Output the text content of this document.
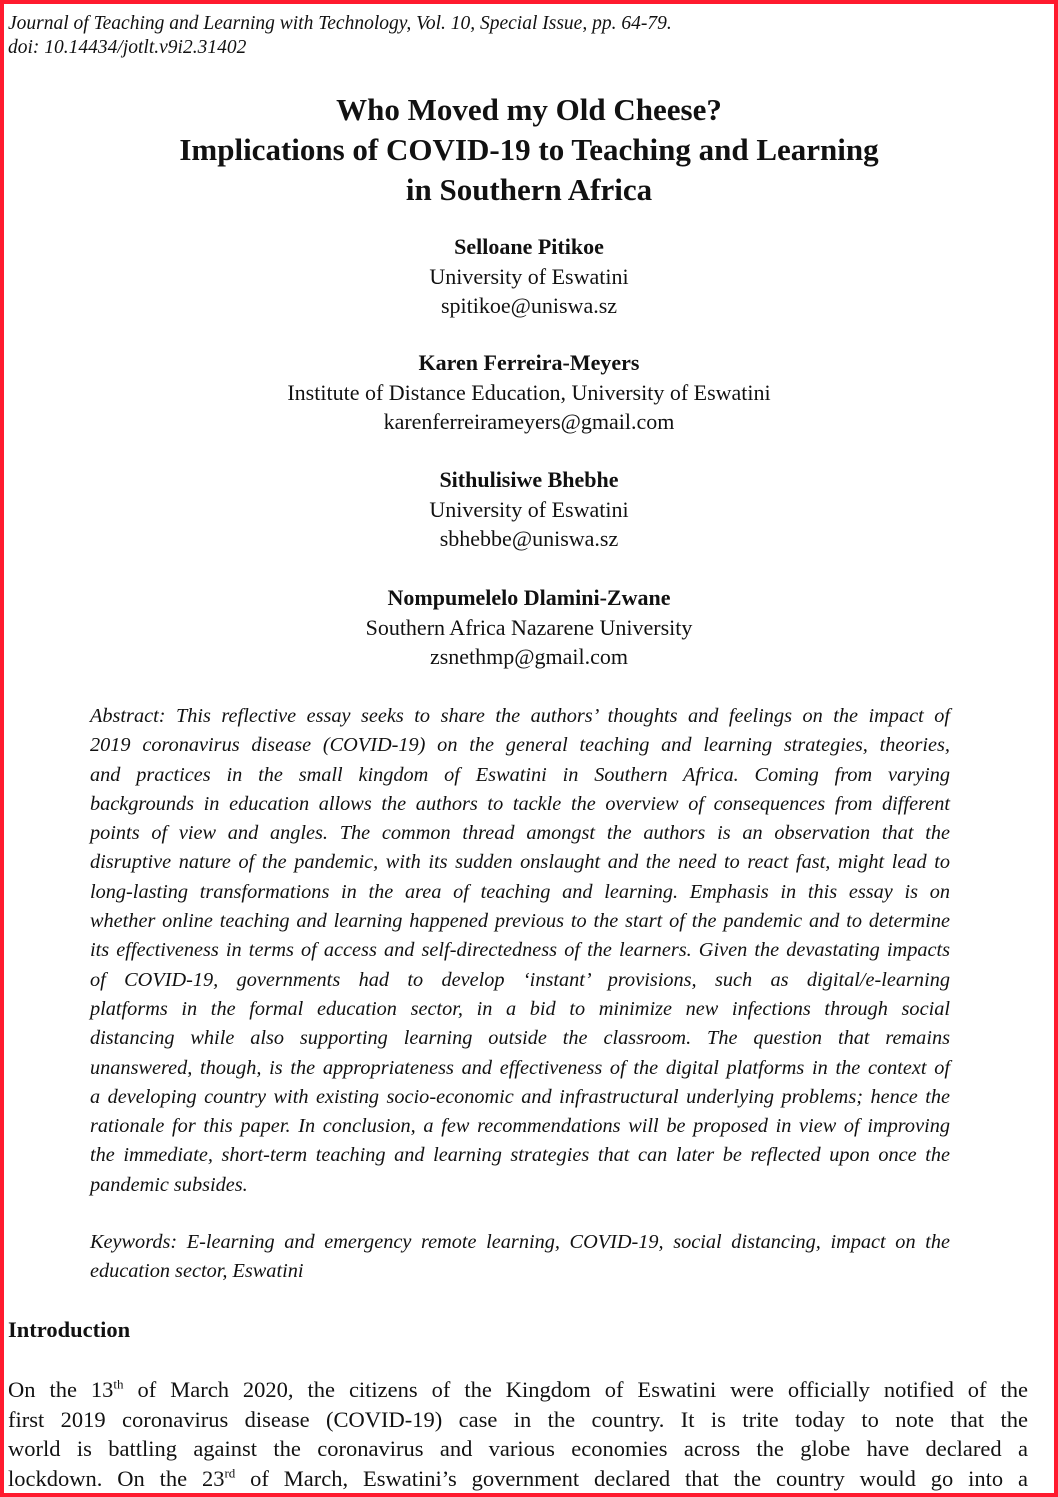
Journal of Teaching and Learning with Technology, Vol. 10, Special Issue, pp. 64-79.
doi: 10.14434/jotlt.v9i2.31402
Who Moved my Old Cheese?
Implications of COVID-19 to Teaching and Learning
in Southern Africa
Selloane Pitikoe
University of Eswatini
spitikoe@uniswa.sz
Karen Ferreira-Meyers
Institute of Distance Education, University of Eswatini
karenferreirameyers@gmail.com
Sithulisiwe Bhebhe
University of Eswatini
sbhebbe@uniswa.sz
Nompumelelo Dlamini-Zwane
Southern Africa Nazarene University
zsnethmp@gmail.com
Abstract: This reflective essay seeks to share the authors’ thoughts and feelings on the impact of
2019 coronavirus disease (COVID-19) on the general teaching and learning strategies, theories,
and practices in the small kingdom of Eswatini in Southern Africa. Coming from varying
backgrounds in education allows the authors to tackle the overview of consequences from different
points of view and angles. The common thread amongst the authors is an observation that the
disruptive nature of the pandemic, with its sudden onslaught and the need to react fast, might lead to
long-lasting transformations in the area of teaching and learning. Emphasis in this essay is on
whether online teaching and learning happened previous to the start of the pandemic and to determine
its effectiveness in terms of access and self-directedness of the learners. Given the devastating impacts
of COVID-19, governments had to develop ‘instant’ provisions, such as digital/e-learning
platforms in the formal education sector, in a bid to minimize new infections through social
distancing while also supporting learning outside the classroom. The question that remains
unanswered, though, is the appropriateness and effectiveness of the digital platforms in the context of
a developing country with existing socio-economic and infrastructural underlying problems; hence the
rationale for this paper. In conclusion, a few recommendations will be proposed in view of improving
the immediate, short-term teaching and learning strategies that can later be reflected upon once the
pandemic subsides.
Keywords: E-learning and emergency remote learning, COVID-19, social distancing, impact on the
education sector, Eswatini
Introduction
On the 13th of March 2020, the citizens of the Kingdom of Eswatini were officially notified of the
first 2019 coronavirus disease (COVID-19) case in the country. It is trite today to note that the
world is battling against the coronavirus and various economies across the globe have declared a
lockdown. On the 23rd of March, Eswatini’s government declared that the country would go into a
